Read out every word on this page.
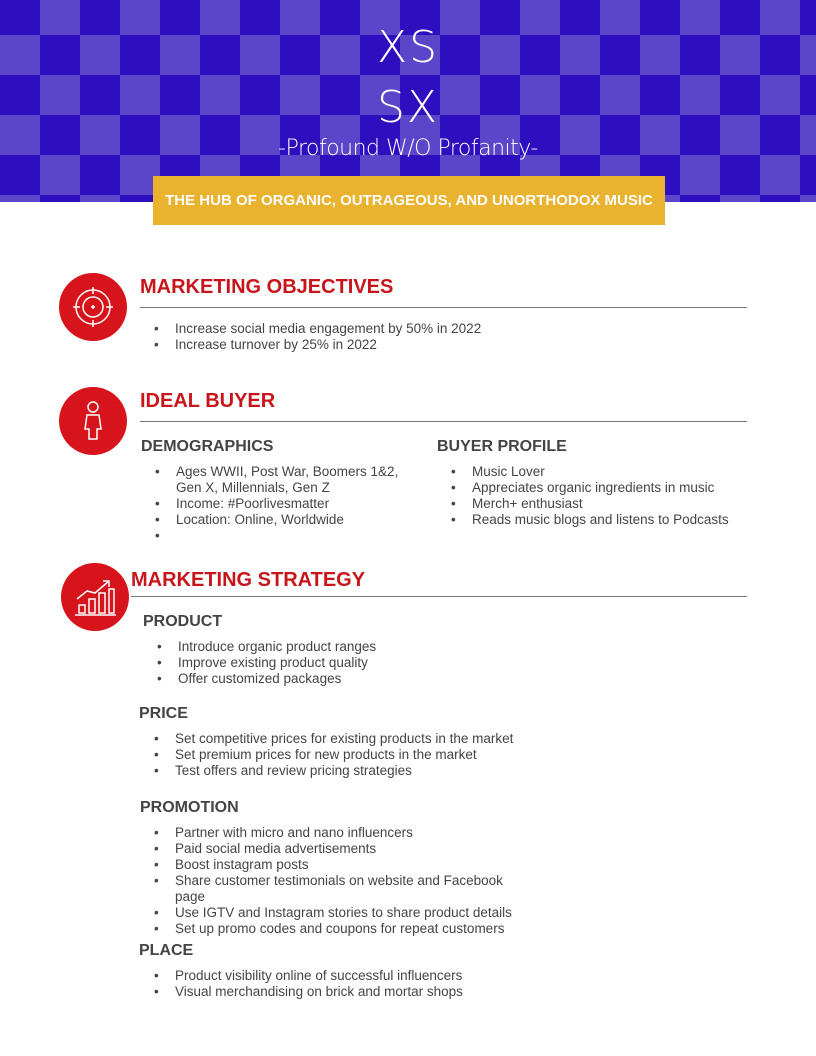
XS
SX
-Profound W/O Profanity-
THE HUB OF ORGANIC, OUTRAGEOUS, AND UNORTHODOX MUSIC
MARKETING OBJECTIVES
• Increase social media engagement by 50% in 2022
• Increase turnover by 25% in 2022
IDEAL BUYER
DEMOGRAPHICS
• Ages WWII, Post War, Boomers 1&2, Gen X, Millennials, Gen Z
• Income: #Poorlivesmatter
• Location: Online, Worldwide
•
BUYER PROFILE
• Music Lover
• Appreciates organic ingredients in music
• Merch+ enthusiast
• Reads music blogs and listens to Podcasts
MARKETING STRATEGY
PRODUCT
• Introduce organic product ranges
• Improve existing product quality
• Offer customized packages
PRICE
• Set competitive prices for existing products in the market
• Set premium prices for new products in the market
• Test offers and review pricing strategies
PROMOTION
• Partner with micro and nano influencers
• Paid social media advertisements
• Boost instagram posts
• Share customer testimonials on website and Facebook page
• Use IGTV and Instagram stories to share product details
• Set up promo codes and coupons for repeat customers
PLACE
• Product visibility online of successful influencers
• Visual merchandising on brick and mortar shops
